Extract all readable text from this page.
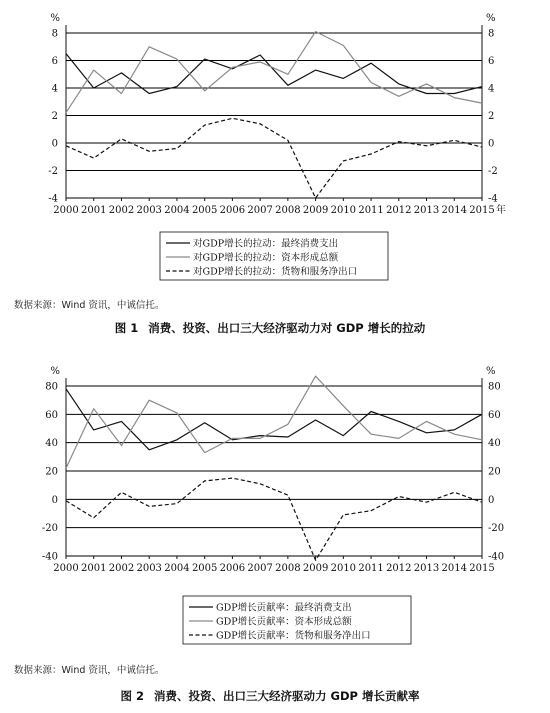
-4	-4
-2	-2
0	0
2	2
4	4
6	6
8	8
%	%
2000 2001 2002 2003 2004 2005 2006 2007 2008 2009 2010 2011 2012 2013 2014 2015 年
对GDP增长的拉动：最终消费支出
对GDP增长的拉动：资本形成总额
对GDP增长的拉动：货物和服务净出口
-40	-40
-20	-20
0	0
20	20
40	40
60	60
80	80
%	%
2000 2001 2002 2003 2004 2005 2006 2007 2008 2009 2010 2011 2012 2013 2014 2015
GDP增长贡献率：最终消费支出
GDP增长贡献率：资本形成总额
GDP增长贡献率：货物和服务净出口
数据来源：Wind 资讯，中诚信托。
图 1 消费、投资、出口三大经济驱动力对 GDP 增长的拉动
数据来源：Wind 资讯，中诚信托。
图 2 消费、投资、出口三大经济驱动力 GDP 增长贡献率
